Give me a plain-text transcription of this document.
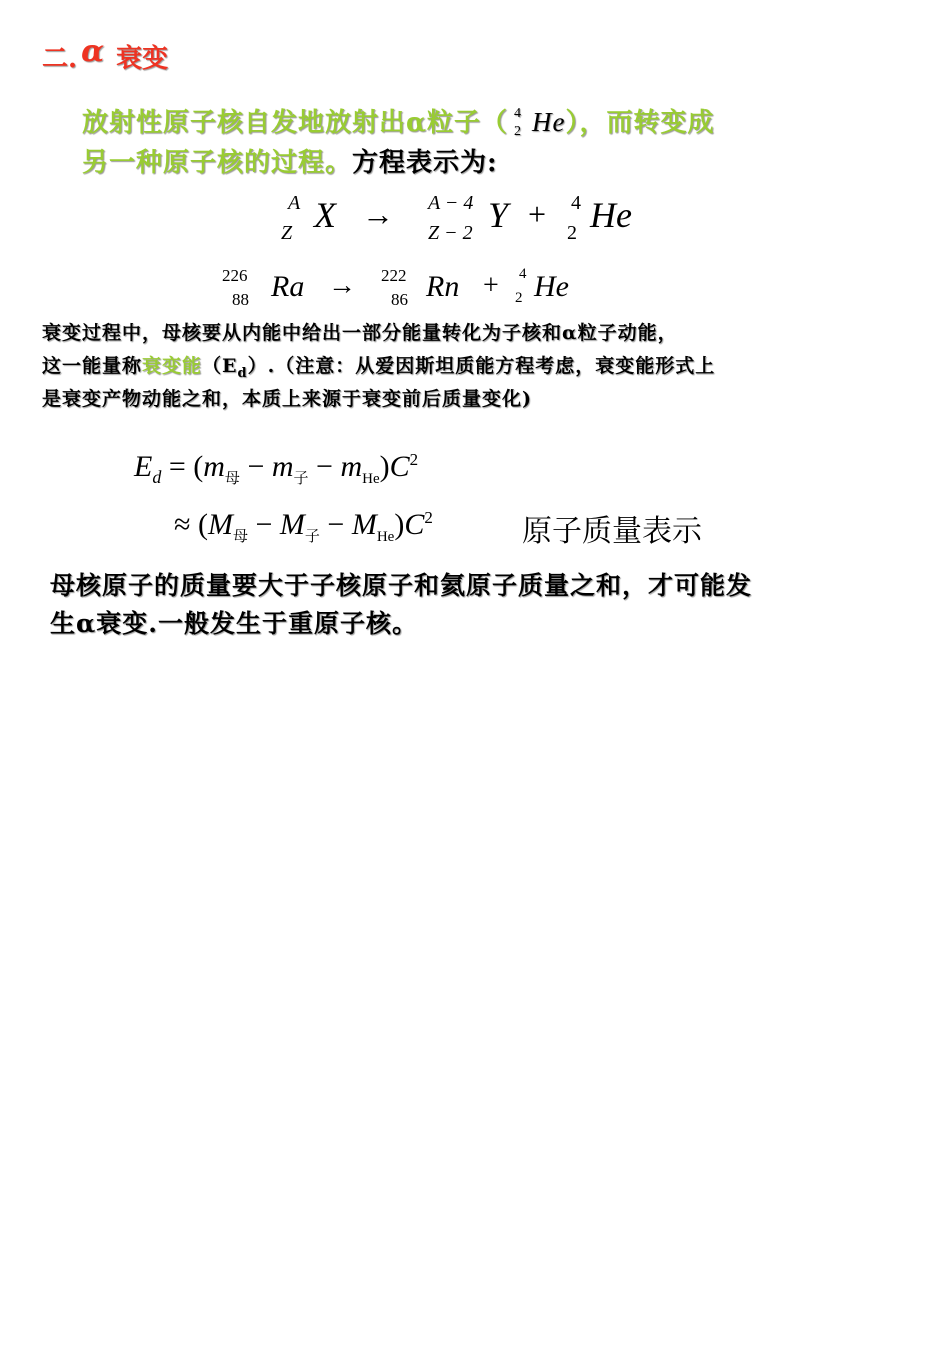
二. α 衰变
放射性原子核自发地放射出α粒子（ 4
2 He），而转变成
另一种原子核的过程。方程表示为:
A
Z X → A − 4
Z − 2 Y + 4
2 He
226
88 Ra → 222
86 Rn + 4
2 He
衰变过程中，母核要从内能中给出一部分能量转化为子核和α粒子动能，
这一能量称衰变能$(E_d)$.（注意：从爱因斯坦质能方程考虑，衰变能形式上
是衰变产物动能之和，本质上来源于衰变前后质量变化)
$E_d = (m_母 - m_子 - m_{He})C^2$
≈ $(M_母 - M_子 - M_{He})C^2$	原子质量表示
母核原子的质量要大于子核原子和氦原子质量之和，才可能发
生α衰变.一般发生于重原子核。
